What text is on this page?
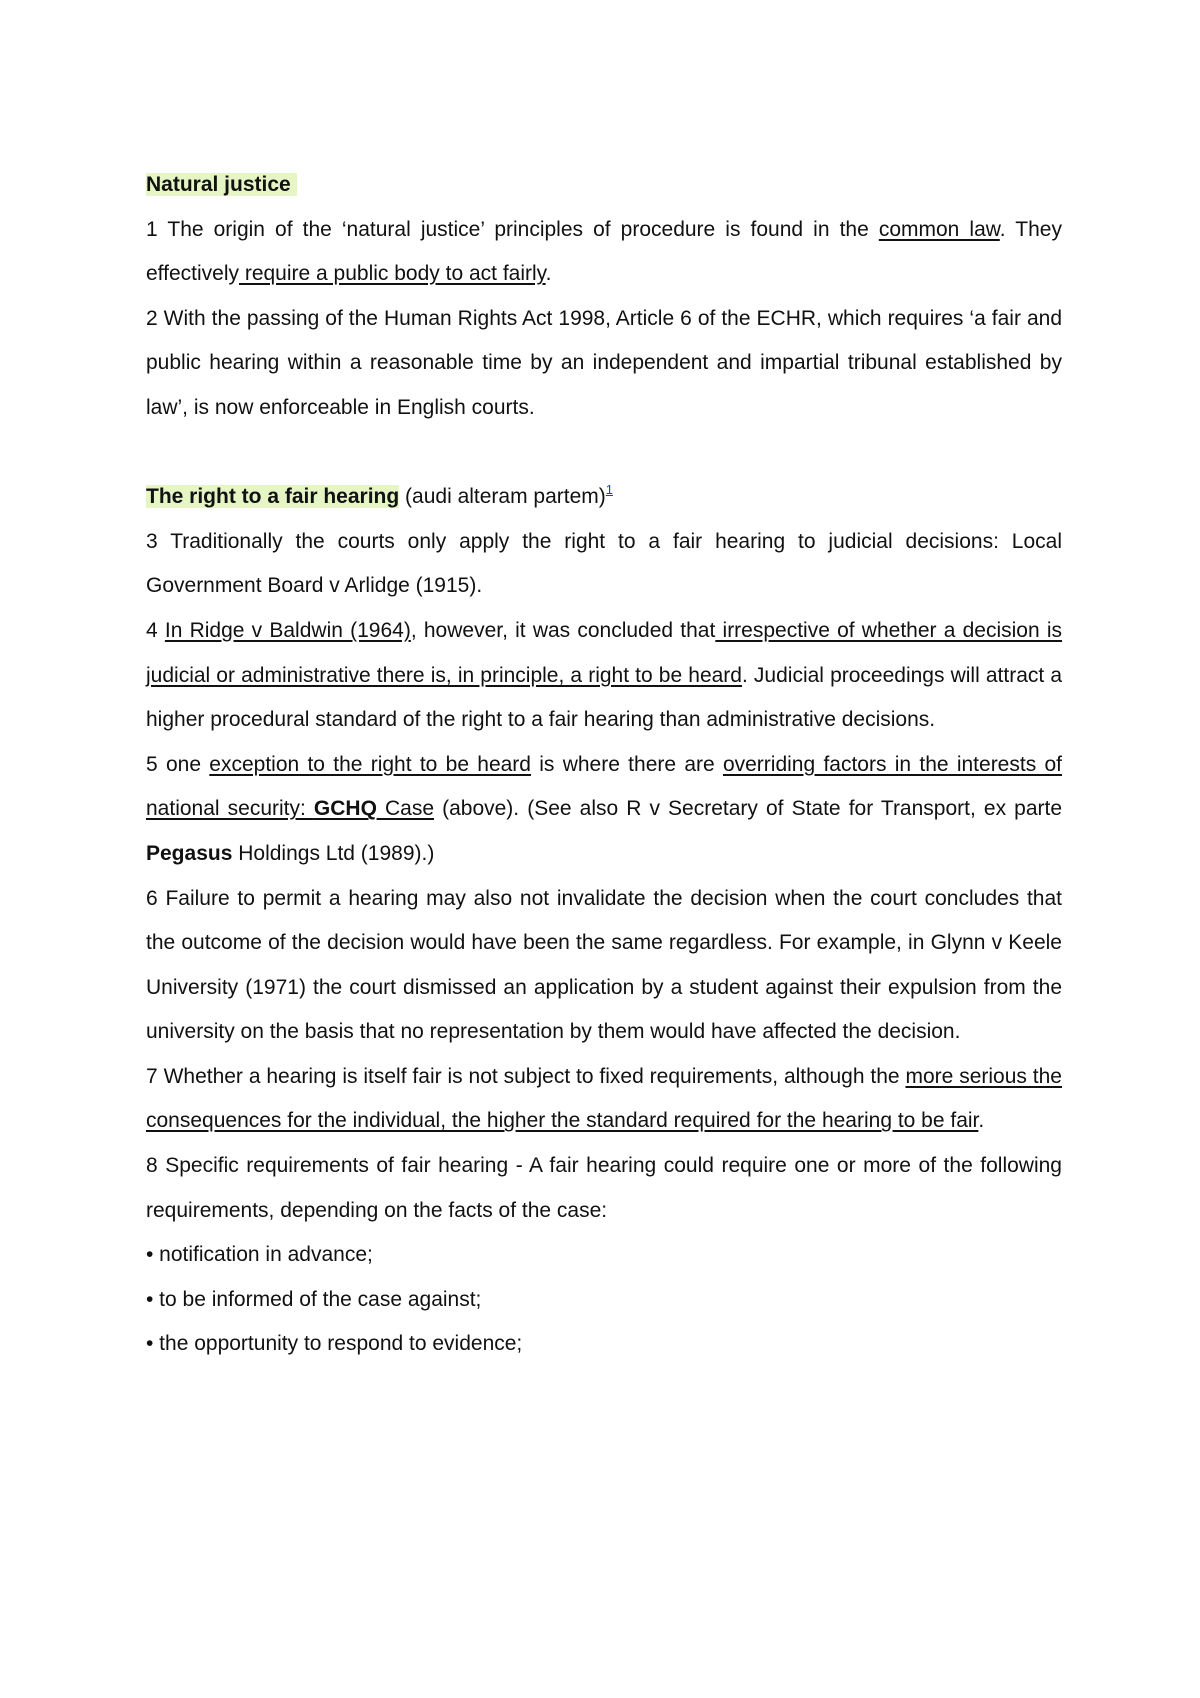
Natural justice

1 The origin of the ‘natural justice’ principles of procedure is found in the common law. They effectively require a public body to act fairly.

2 With the passing of the Human Rights Act 1998, Article 6 of the ECHR, which requires ‘a fair and public hearing within a reasonable time by an independent and impartial tribunal established by law’, is now enforceable in English courts.

The right to a fair hearing (audi alteram partem)$^1$

3 Traditionally the courts only apply the right to a fair hearing to judicial decisions: Local Government Board v Arlidge (1915).

4 In Ridge v Baldwin (1964), however, it was concluded that irrespective of whether a decision is judicial or administrative there is, in principle, a right to be heard. Judicial proceedings will attract a higher procedural standard of the right to a fair hearing than administrative decisions.

5 one exception to the right to be heard is where there are overriding factors in the interests of national security: GCHQ Case (above). (See also R v Secretary of State for Transport, ex parte Pegasus Holdings Ltd (1989).)

6 Failure to permit a hearing may also not invalidate the decision when the court concludes that the outcome of the decision would have been the same regardless. For example, in Glynn v Keele University (1971) the court dismissed an application by a student against their expulsion from the university on the basis that no representation by them would have affected the decision.

7 Whether a hearing is itself fair is not subject to fixed requirements, although the more serious the consequences for the individual, the higher the standard required for the hearing to be fair.

8 Specific requirements of fair hearing - A fair hearing could require one or more of the following requirements, depending on the facts of the case:

• notification in advance;

• to be informed of the case against;

• the opportunity to respond to evidence;
